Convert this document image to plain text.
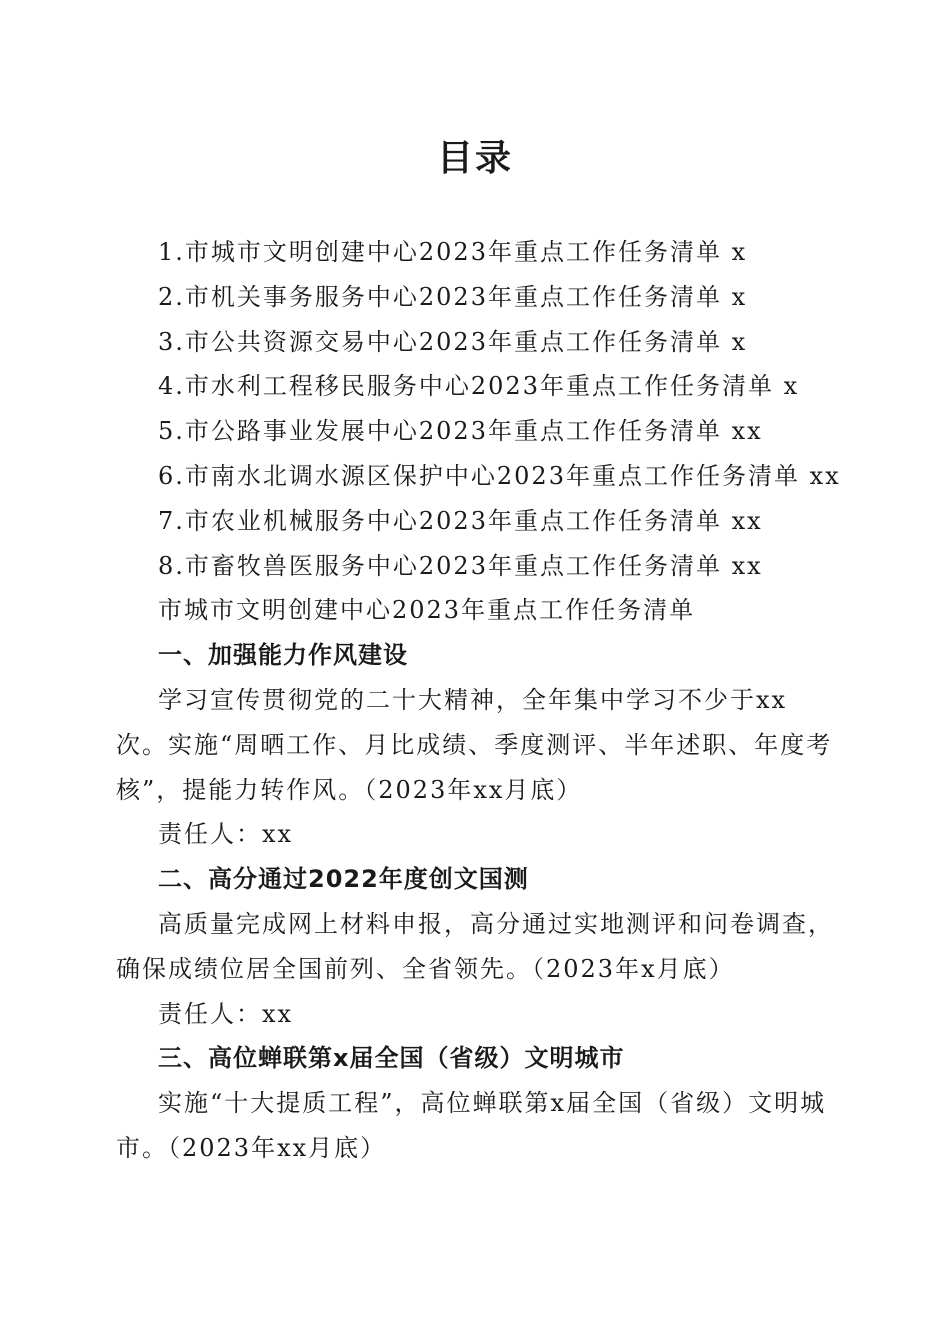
目录

1.市城市文明创建中心2023年重点工作任务清单 x

2.市机关事务服务中心2023年重点工作任务清单 x

3.市公共资源交易中心2023年重点工作任务清单 x

4.市水利工程移民服务中心2023年重点工作任务清单 x

5.市公路事业发展中心2023年重点工作任务清单 xx

6.市南水北调水源区保护中心2023年重点工作任务清单 xx

7.市农业机械服务中心2023年重点工作任务清单 xx

8.市畜牧兽医服务中心2023年重点工作任务清单 xx

市城市文明创建中心2023年重点工作任务清单

一、加强能力作风建设

学习宣传贯彻党的二十大精神，全年集中学习不少于xx次。实施“周晒工作、月比成绩、季度测评、半年述职、年度考核”，提能力转作风。（2023年xx月底）

责任人：xx

二、高分通过2022年度创文国测

高质量完成网上材料申报，高分通过实地测评和问卷调查，确保成绩位居全国前列、全省领先。（2023年x月底）

责任人：xx

三、高位蝉联第x届全国（省级）文明城市

实施“十大提质工程”，高位蝉联第x届全国（省级）文明城市。（2023年xx月底）
